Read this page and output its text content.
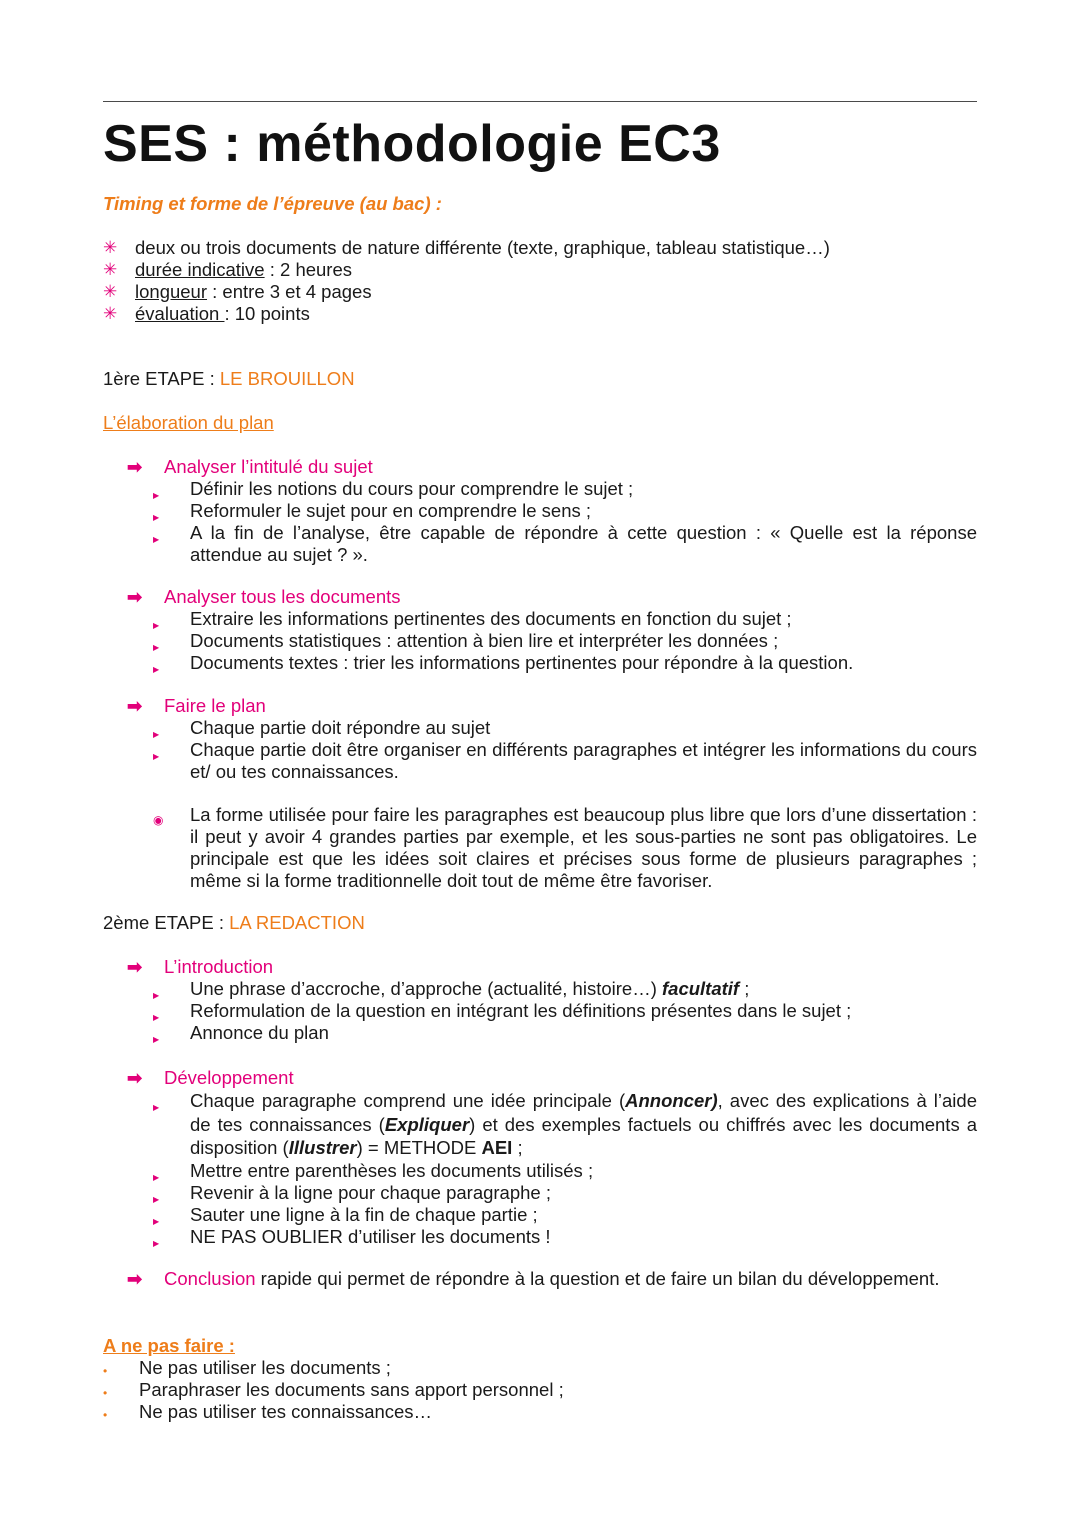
SES : méthodologie EC3
Timing et forme de l’épreuve (au bac) :
✳ deux ou trois documents de nature différente (texte, graphique, tableau statistique…)
✳ durée indicative : 2 heures
✳ longueur : entre 3 et 4 pages
✳ évaluation : 10 points
1ère ETAPE : LE BROUILLON
L’élaboration du plan
➡ Analyser l’intitulé du sujet
▶ Définir les notions du cours pour comprendre le sujet ;
▶ Reformuler le sujet pour en comprendre le sens ;
▶ A la fin de l’analyse, être capable de répondre à cette question : « Quelle est la réponse attendue au sujet ? ».
➡ Analyser tous les documents
▶ Extraire les informations pertinentes des documents en fonction du sujet ;
▶ Documents statistiques : attention à bien lire et interpréter les données ;
▶ Documents textes : trier les informations pertinentes pour répondre à la question.
➡ Faire le plan
▶ Chaque partie doit répondre au sujet
▶ Chaque partie doit être organiser en différents paragraphes et intégrer les informations du cours et/ ou tes connaissances.
◉ La forme utilisée pour faire les paragraphes est beaucoup plus libre que lors d’une dissertation : il peut y avoir 4 grandes parties par exemple, et les sous-parties ne sont pas obligatoires. Le principale est que les idées soit claires et précises sous forme de plusieurs paragraphes ; même si la forme traditionnelle doit tout de même être favoriser.
2ème ETAPE : LA REDACTION
➡ L’introduction
▶ Une phrase d’accroche, d’approche (actualité, histoire…) facultatif ;
▶ Reformulation de la question en intégrant les définitions présentes dans le sujet ;
▶ Annonce du plan
➡ Développement
▶ Chaque paragraphe comprend une idée principale (Annoncer), avec des explications à l’aide de tes connaissances (Expliquer) et des exemples factuels ou chiffrés avec les documents a disposition (Illustrer) = METHODE AEI ;
▶ Mettre entre parenthèses les documents utilisés ;
▶ Revenir à la ligne pour chaque paragraphe ;
▶ Sauter une ligne à la fin de chaque partie ;
▶ NE PAS OUBLIER d’utiliser les documents !
➡ Conclusion rapide qui permet de répondre à la question et de faire un bilan du développement.
A ne pas faire :
• Ne pas utiliser les documents ;
• Paraphraser les documents sans apport personnel ;
• Ne pas utiliser tes connaissances…
